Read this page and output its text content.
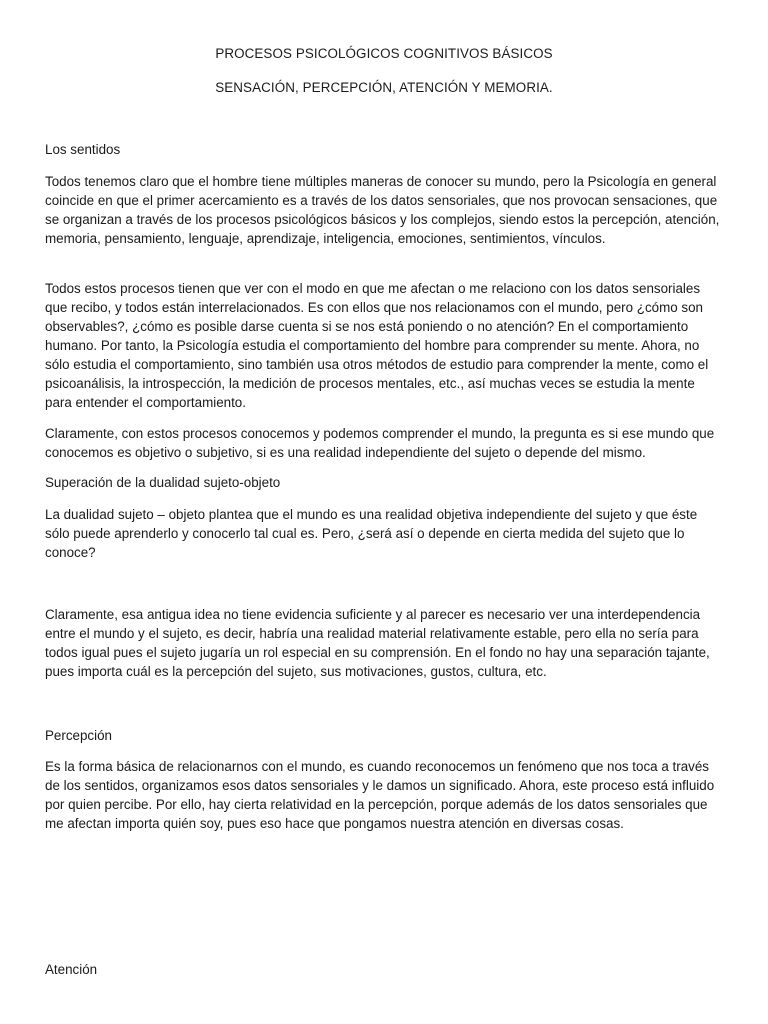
PROCESOS PSICOLÓGICOS COGNITIVOS BÁSICOS
SENSACIÓN, PERCEPCIÓN, ATENCIÓN Y MEMORIA.

Los sentidos

Todos tenemos claro que el hombre tiene múltiples maneras de conocer su mundo, pero la Psicología en general coincide en que el primer acercamiento es a través de los datos sensoriales, que nos provocan sensaciones, que se organizan a través de los procesos psicológicos básicos y los complejos, siendo estos la percepción, atención, memoria, pensamiento, lenguaje, aprendizaje, inteligencia, emociones, sentimientos, vínculos.

Todos estos procesos tienen que ver con el modo en que me afectan o me relaciono con los datos sensoriales que recibo, y todos están interrelacionados. Es con ellos que nos relacionamos con el mundo, pero ¿cómo son observables?, ¿cómo es posible darse cuenta si se nos está poniendo o no atención? En el comportamiento humano. Por tanto, la Psicología estudia el comportamiento del hombre para comprender su mente. Ahora, no sólo estudia el comportamiento, sino también usa otros métodos de estudio para comprender la mente, como el psicoanálisis, la introspección, la medición de procesos mentales, etc., así muchas veces se estudia la mente para entender el comportamiento.

Claramente, con estos procesos conocemos y podemos comprender el mundo, la pregunta es si ese mundo que conocemos es objetivo o subjetivo, si es una realidad independiente del sujeto o depende del mismo.

Superación de la dualidad sujeto-objeto

La dualidad sujeto – objeto plantea que el mundo es una realidad objetiva independiente del sujeto y que éste sólo puede aprenderlo y conocerlo tal cual es. Pero, ¿será así o depende en cierta medida del sujeto que lo conoce?

Claramente, esa antigua idea no tiene evidencia suficiente y al parecer es necesario ver una interdependencia entre el mundo y el sujeto, es decir, habría una realidad material relativamente estable, pero ella no sería para todos igual pues el sujeto jugaría un rol especial en su comprensión. En el fondo no hay una separación tajante, pues importa cuál es la percepción del sujeto, sus motivaciones, gustos, cultura, etc.

Percepción

Es la forma básica de relacionarnos con el mundo, es cuando reconocemos un fenómeno que nos toca a través de los sentidos, organizamos esos datos sensoriales y le damos un significado. Ahora, este proceso está influido por quien percibe. Por ello, hay cierta relatividad en la percepción, porque además de los datos sensoriales que me afectan importa quién soy, pues eso hace que pongamos nuestra atención en diversas cosas.

Atención
